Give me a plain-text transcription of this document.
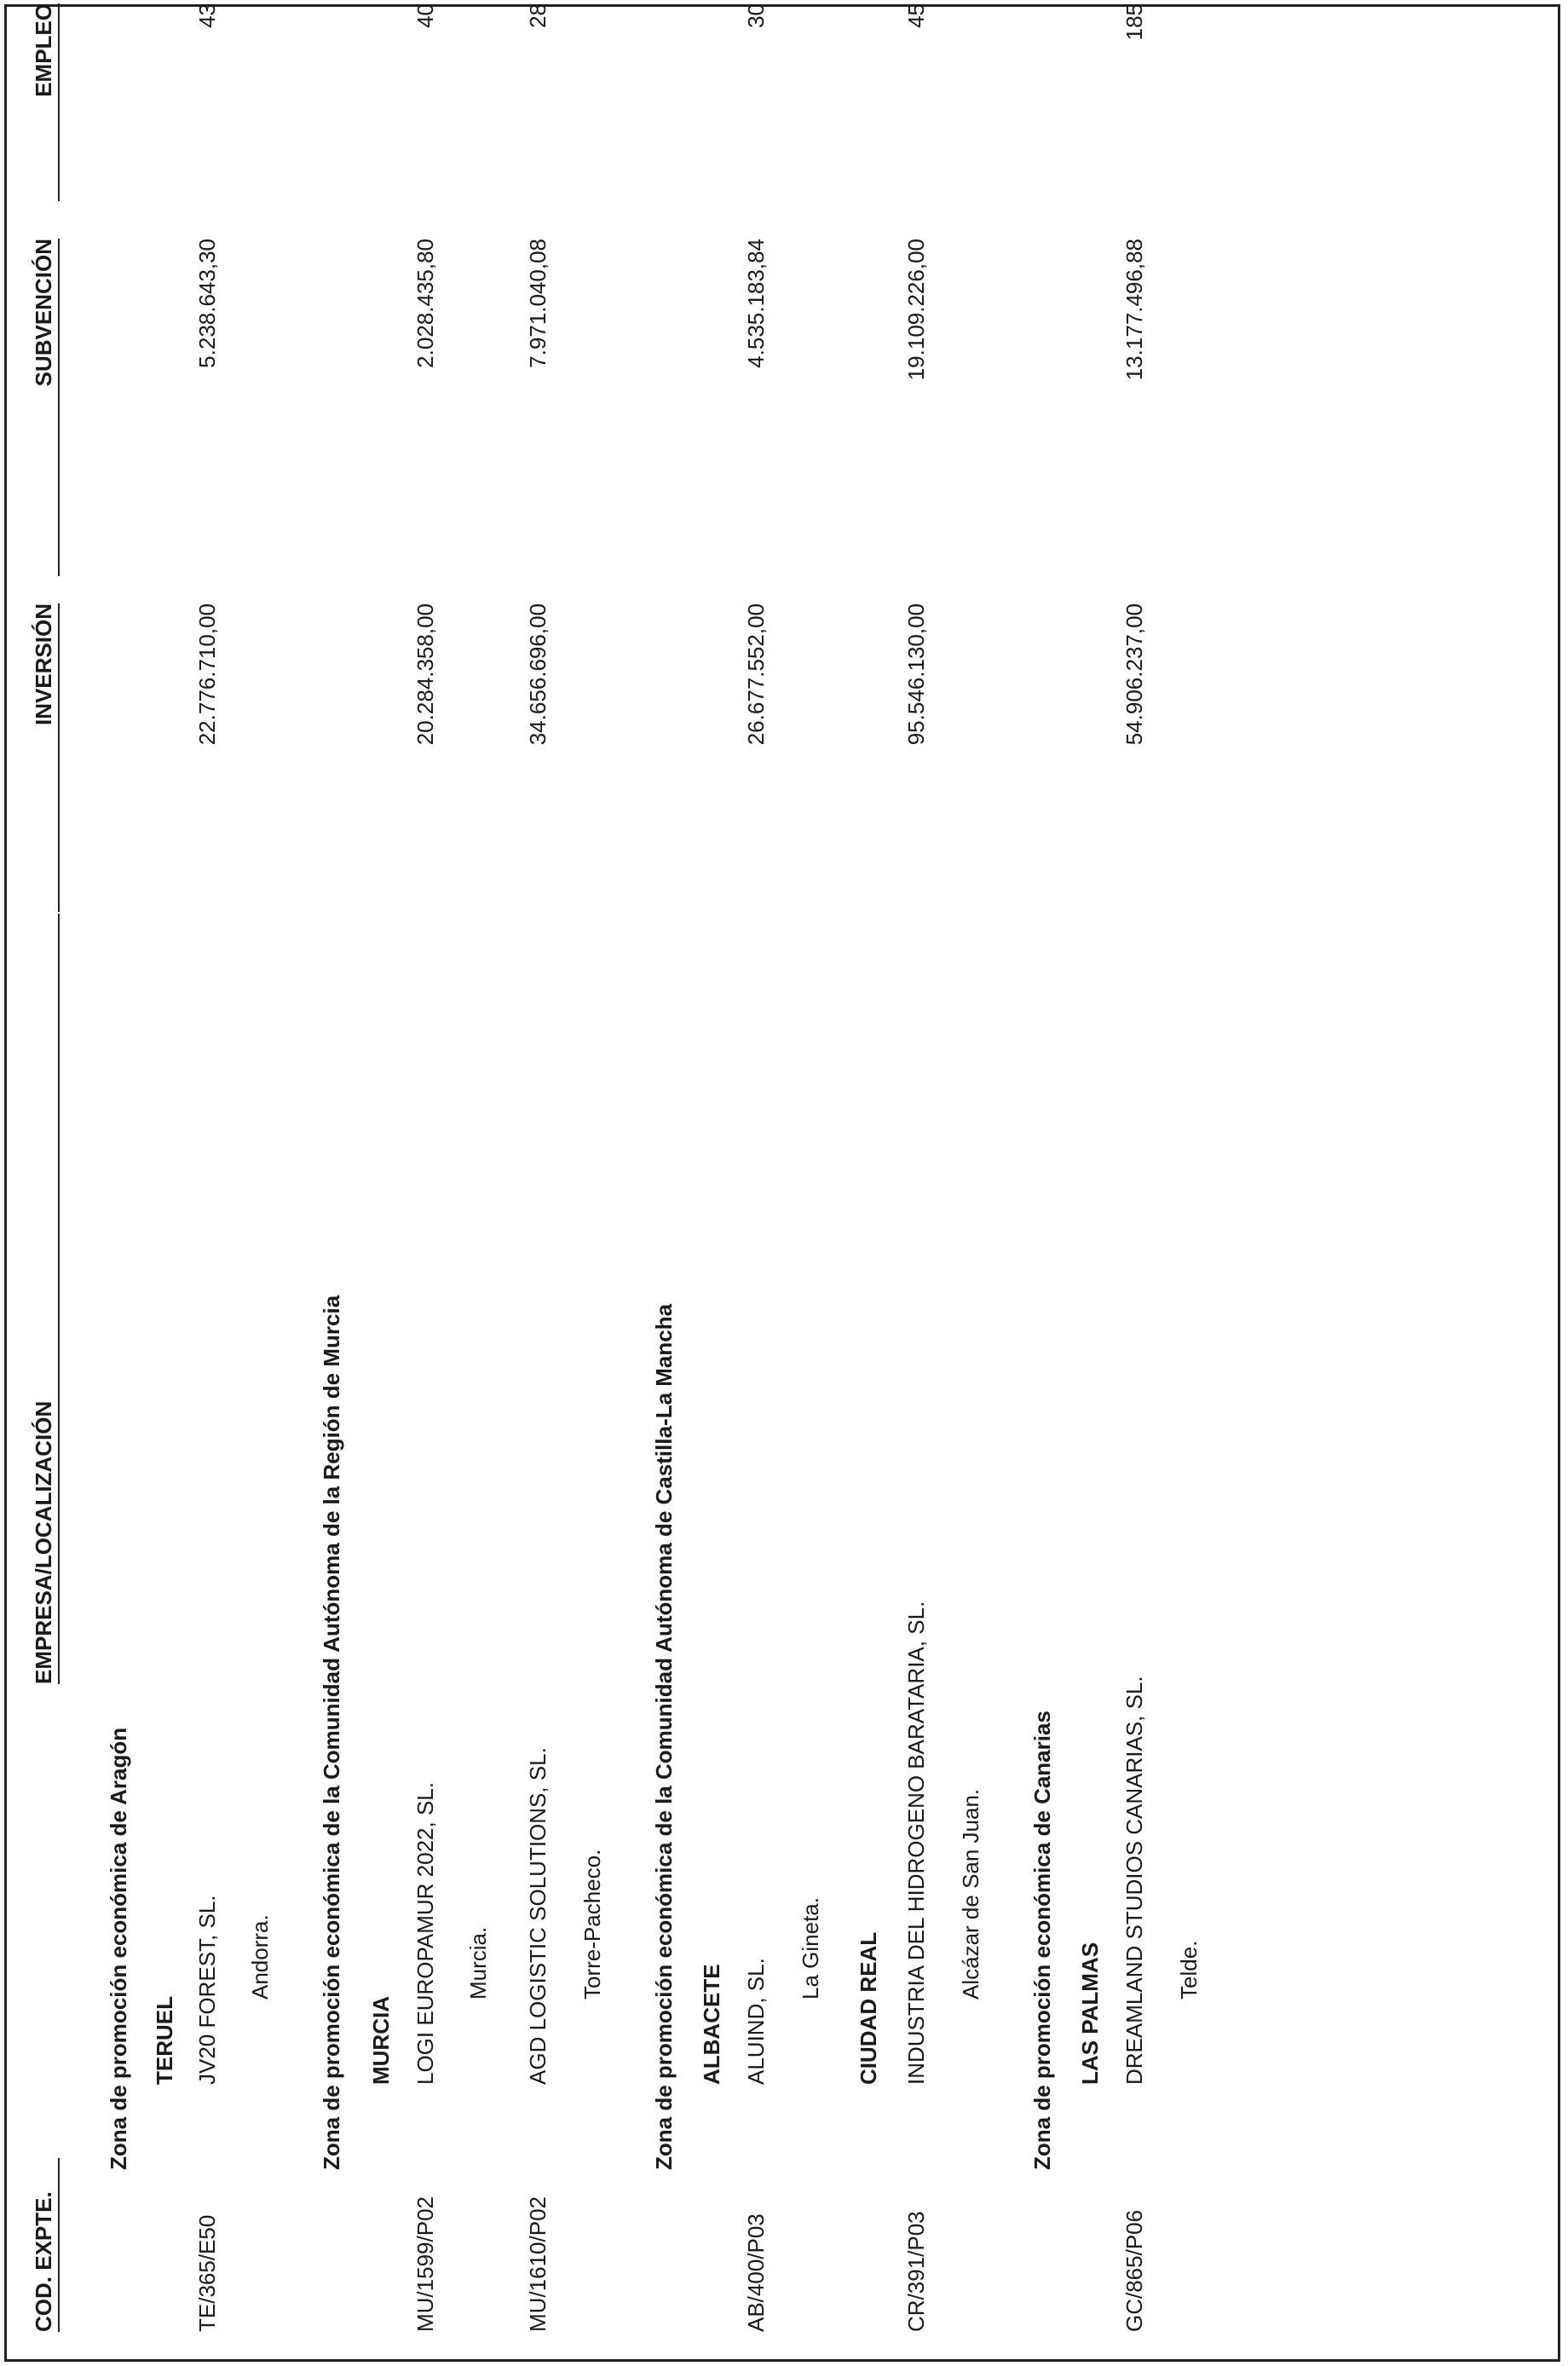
COD. EXPTE.
EMPRESA/LOCALIZACIÓN
INVERSIÓN
SUBVENCIÓN
EMPLEO
Zona de promoción económica de Aragón TERUEL
TE/365/E50
JV20 FOREST, SL.
22.776.710,00
5.238.643,30
43
Andorra. Zona de promoción económica de la Comunidad Autónoma de la Región de Murcia MURCIA
MU/1599/P02
LOGI EUROPAMUR 2022, SL.
20.284.358,00
2.028.435,80
40
Murcia.
MU/1610/P02
AGD LOGISTIC SOLUTIONS, SL.
34.656.696,00
7.971.040,08
28
Torre-Pacheco. Zona de promoción económica de la Comunidad Autónoma de Castilla-La Mancha ALBACETE
AB/400/P03
ALUIND, SL.
26.677.552,00
4.535.183,84
30
La Gineta. CIUDAD REAL
CR/391/P03
INDUSTRIA DEL HIDROGENO BARATARIA, SL.
95.546.130,00
19.109.226,00
45
Alcázar de San Juan. Zona de promoción económica de Canarias LAS PALMAS
GC/865/P06
DREAMLAND STUDIOS CANARIAS, SL.
54.906.237,00
13.177.496,88
185
Telde.
